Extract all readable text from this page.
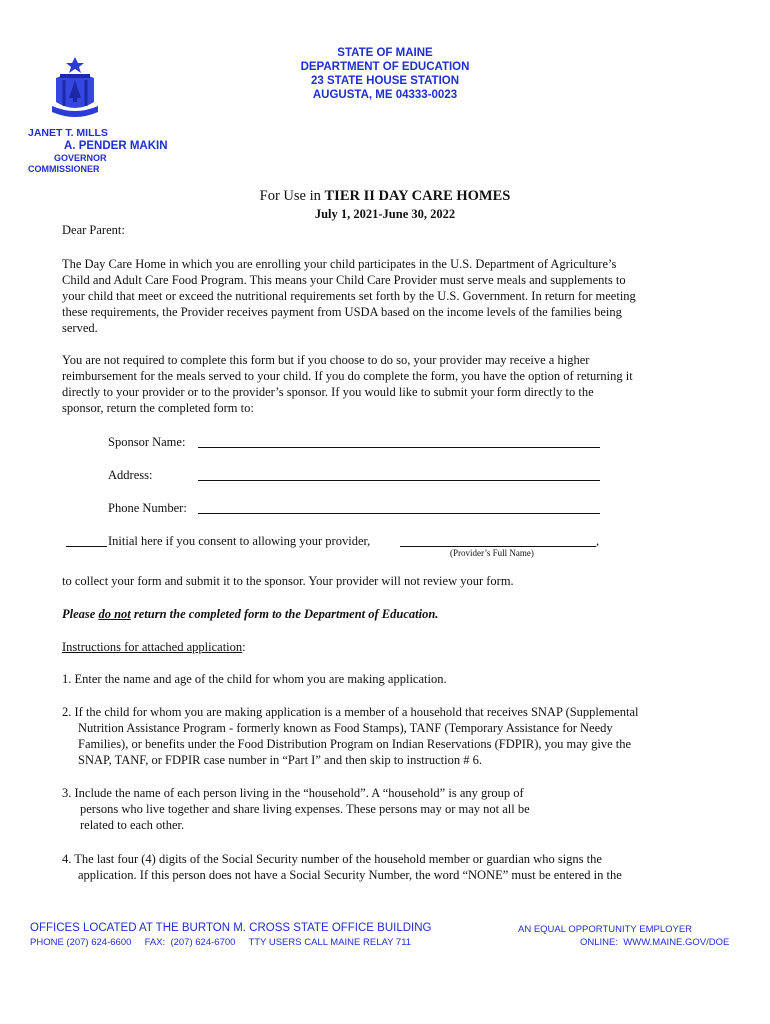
STATE OF MAINE
DEPARTMENT OF EDUCATION
23 STATE HOUSE STATION
AUGUSTA, ME 04333-0023
JANET T. MILLS
A. PENDER MAKIN
GOVERNOR
COMMISSIONER
For Use in TIER II DAY CARE HOMES
July 1, 2021-June 30, 2022
Dear Parent:
The Day Care Home in which you are enrolling your child participates in the U.S. Department of Agriculture’s
Child and Adult Care Food Program. This means your Child Care Provider must serve meals and supplements to
your child that meet or exceed the nutritional requirements set forth by the U.S. Government. In return for meeting
these requirements, the Provider receives payment from USDA based on the income levels of the families being
served.
You are not required to complete this form but if you choose to do so, your provider may receive a higher
reimbursement for the meals served to your child. If you do complete the form, you have the option of returning it
directly to your provider or to the provider’s sponsor. If you would like to submit your form directly to the
sponsor, return the completed form to:
Sponsor Name:
Address:
Phone Number:
Initial here if you consent to allowing your provider,	,
(Provider’s Full Name)
to collect your form and submit it to the sponsor. Your provider will not review your form.
Please do not return the completed form to the Department of Education.
Instructions for attached application:
1. Enter the name and age of the child for whom you are making application.
2. If the child for whom you are making application is a member of a household that receives SNAP (Supplemental
Nutrition Assistance Program - formerly known as Food Stamps), TANF (Temporary Assistance for Needy
Families), or benefits under the Food Distribution Program on Indian Reservations (FDPIR), you may give the
SNAP, TANF, or FDPIR case number in “Part I” and then skip to instruction # 6.
3. Include the name of each person living in the “household”. A “household” is any group of
persons who live together and share living expenses. These persons may or may not all be
related to each other.
4. The last four (4) digits of the Social Security number of the household member or guardian who signs the
application. If this person does not have a Social Security Number, the word “NONE” must be entered in the
OFFICES LOCATED AT THE BURTON M. CROSS STATE OFFICE BUILDING
PHONE (207) 624-6600     FAX:  (207) 624-6700     TTY USERS CALL MAINE RELAY 711
AN EQUAL OPPORTUNITY EMPLOYER
ONLINE:  WWW.MAINE.GOV/DOE
